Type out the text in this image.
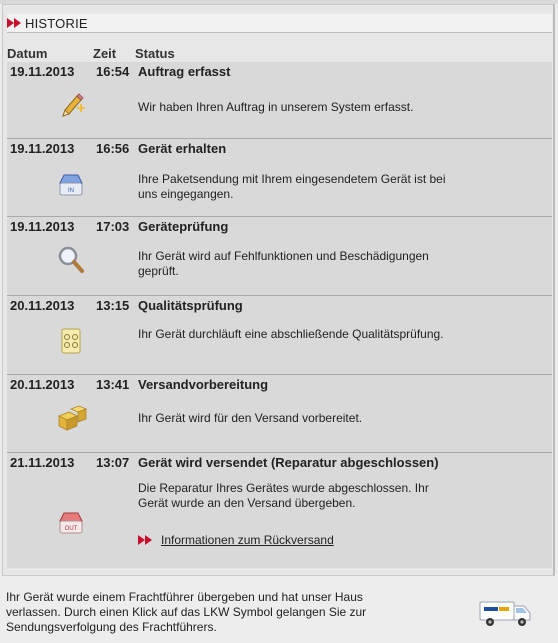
HISTORIE
Datum	Zeit Status
19.11.2013 16:54 Auftrag erfasst
Wir haben Ihren Auftrag in unserem System erfasst.
19.11.2013 16:56 Gerät erhalten
IN
Ihre Paketsendung mit Ihrem eingesendetem Gerät ist bei uns eingegangen.
19.11.2013 17:03 Geräteprüfung
Ihr Gerät wird auf Fehlfunktionen und Beschädigungen geprüft.
20.11.2013 13:15 Qualitätsprüfung
Ihr Gerät durchläuft eine abschließende Qualitätsprüfung.
20.11.2013 13:41 Versandvorbereitung
Ihr Gerät wird für den Versand vorbereitet.
21.11.2013 13:07 Gerät wird versendet (Reparatur abgeschlossen)
Die Reparatur Ihres Gerätes wurde abgeschlossen. Ihr Gerät wurde an den Versand übergeben.
OUT
Informationen zum Rückversand
Ihr Gerät wurde einem Frachtführer übergeben und hat unser Haus verlassen. Durch einen Klick auf das LKW Symbol gelangen Sie zur Sendungsverfolgung des Frachtführers.
